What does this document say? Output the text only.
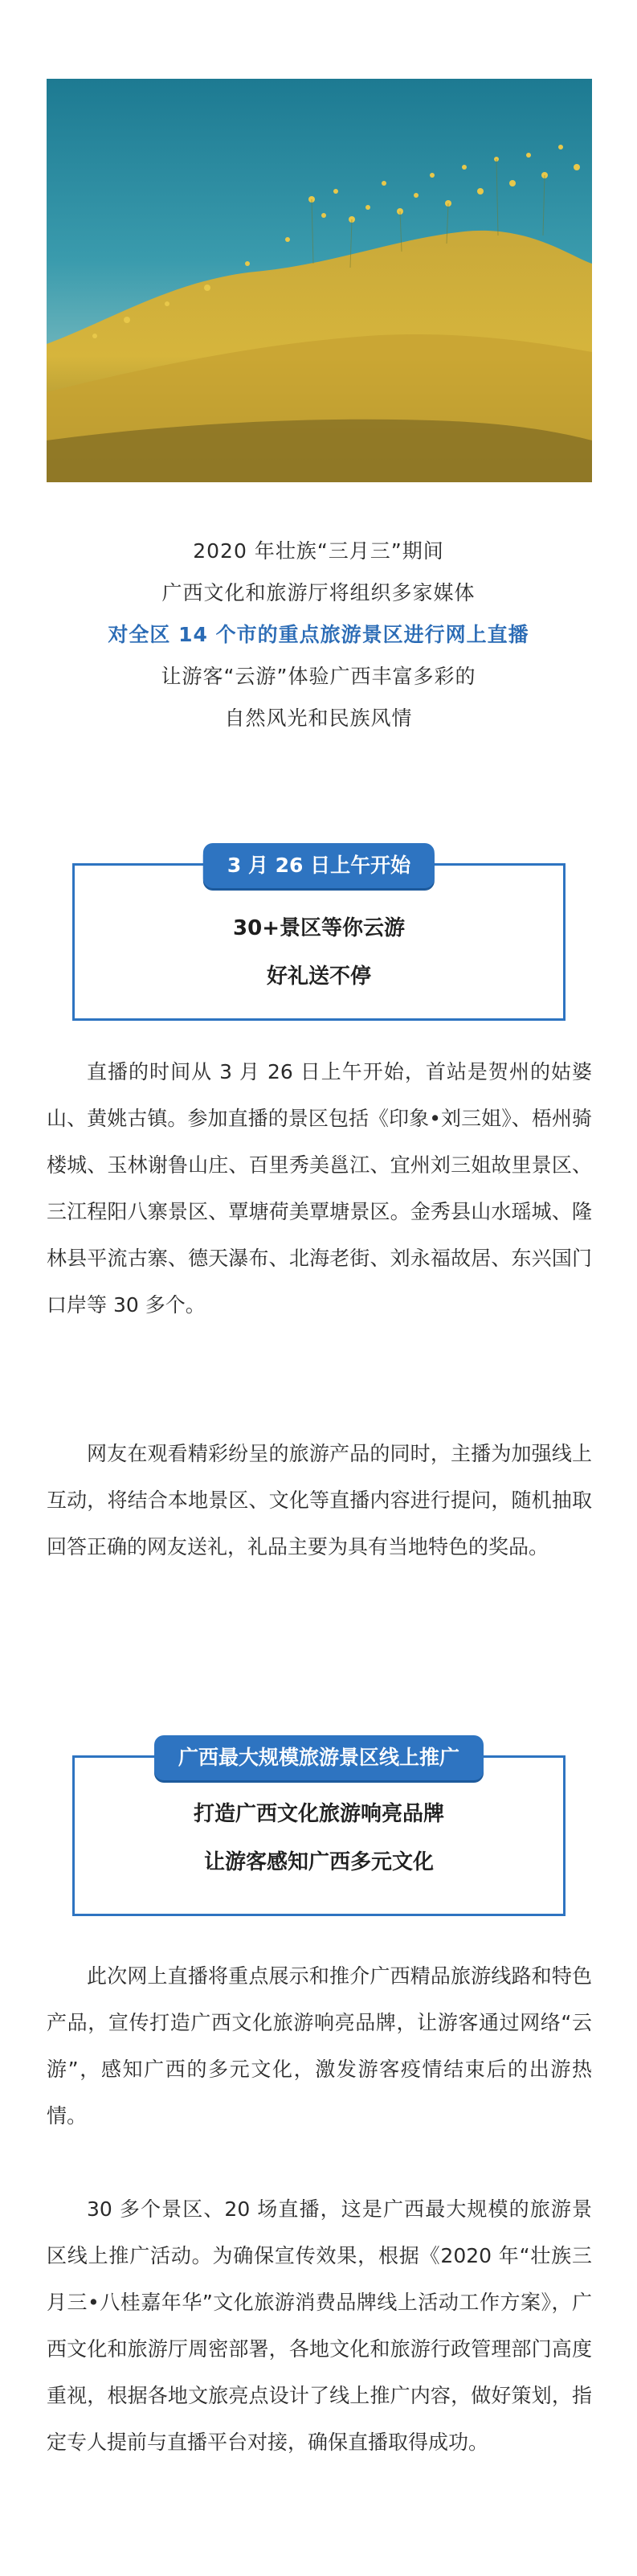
2020 年壮族“三月三”期间
广西文化和旅游厅将组织多家媒体
对全区 14 个市的重点旅游景区进行网上直播
让游客“云游”体验广西丰富多彩的
自然风光和民族风情
3 月 26 日上午开始
30+景区等你云游
好礼送不停

直播的时间从 3 月 26 日上午开始，首站是贺州的姑婆山、黄姚古镇。参加直播的景区包括《印象•刘三姐》、梧州骑楼城、玉林谢鲁山庄、百里秀美邕江、宜州刘三姐故里景区、三江程阳八寨景区、覃塘荷美覃塘景区。金秀县山水瑶城、隆林县平流古寨、德天瀑布、北海老街、刘永福故居、东兴国门口岸等 30 多个。

网友在观看精彩纷呈的旅游产品的同时，主播为加强线上互动，将结合本地景区、文化等直播内容进行提问，随机抽取回答正确的网友送礼，礼品主要为具有当地特色的奖品。

广西最大规模旅游景区线上推广
打造广西文化旅游响亮品牌
让游客感知广西多元文化

此次网上直播将重点展示和推介广西精品旅游线路和特色产品，宣传打造广西文化旅游响亮品牌，让游客通过网络“云游”，感知广西的多元文化，激发游客疫情结束后的出游热情。

30 多个景区、20 场直播，这是广西最大规模的旅游景区线上推广活动。为确保宣传效果，根据《2020 年“壮族三月三•八桂嘉年华”文化旅游消费品牌线上活动工作方案》，广西文化和旅游厅周密部署，各地文化和旅游行政管理部门高度重视，根据各地文旅亮点设计了线上推广内容，做好策划，指定专人提前与直播平台对接，确保直播取得成功。
